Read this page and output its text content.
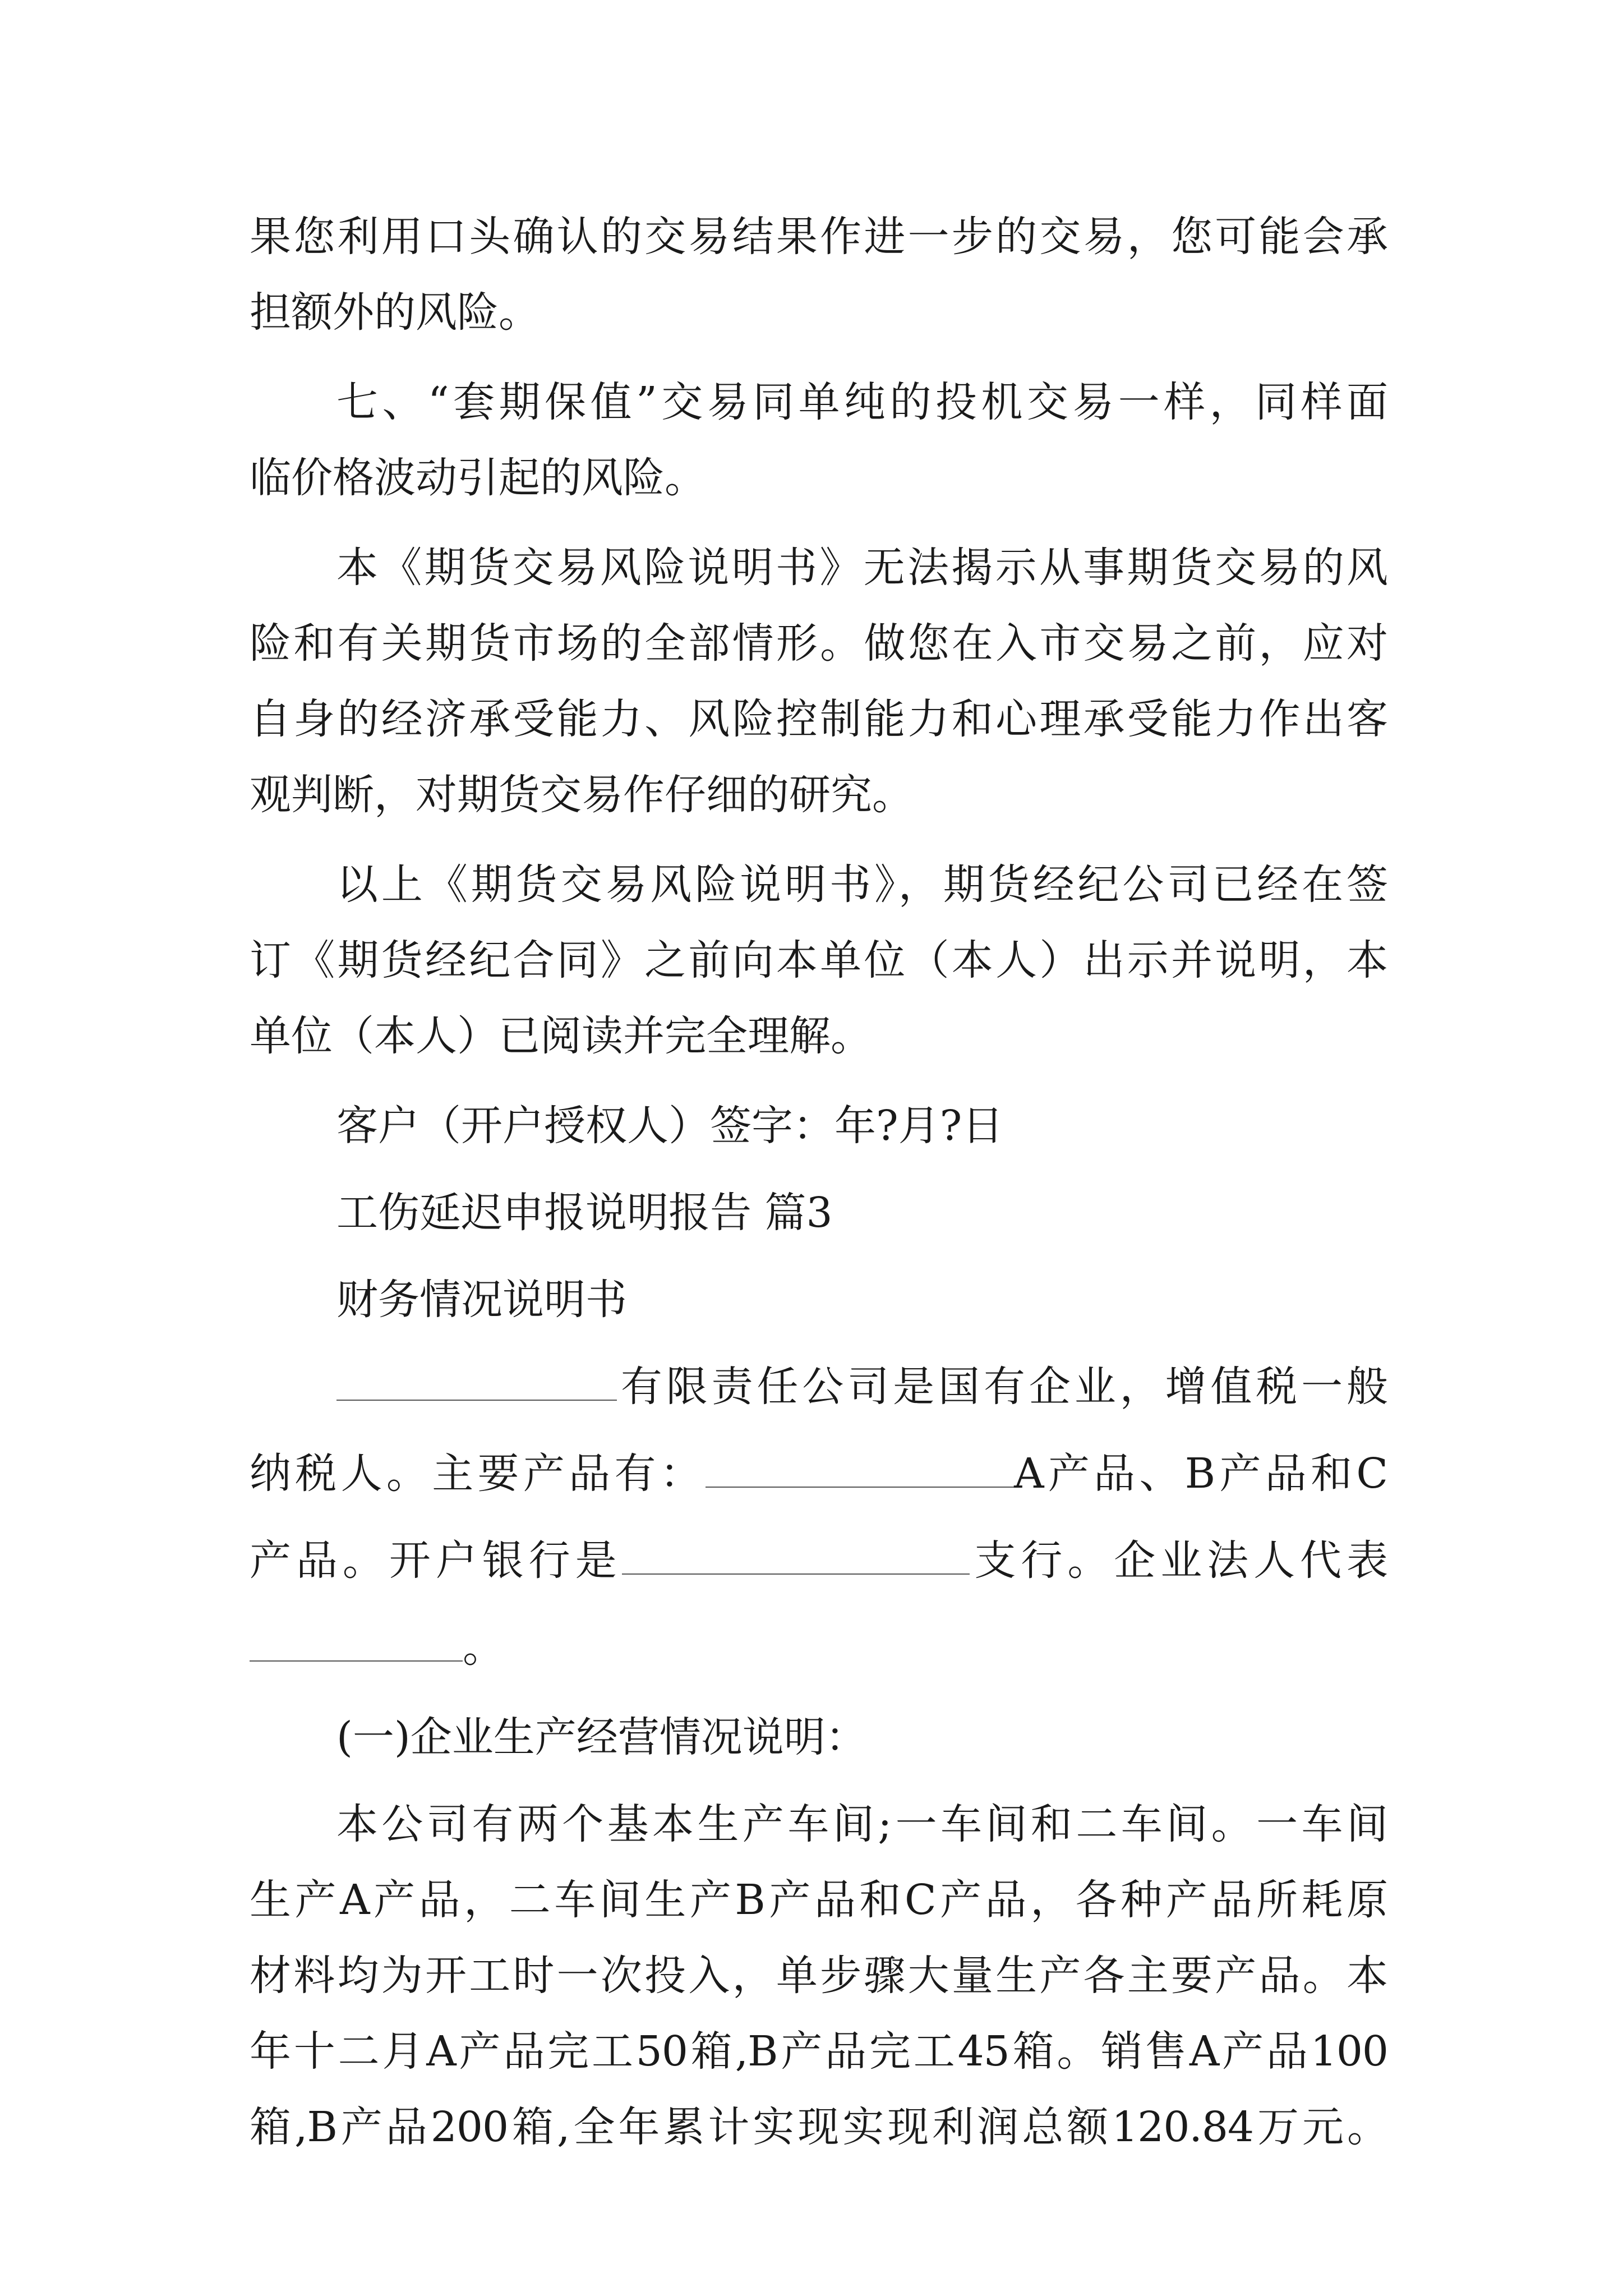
果您利用口头确认的交易结果作进一步的交易，您可能会承
担额外的风险。
七、“套期保值”交易同单纯的投机交易一样，同样面
临价格波动引起的风险。
本《期货交易风险说明书》无法揭示从事期货交易的风
险和有关期货市场的全部情形。做您在入市交易之前，应对
自身的经济承受能力、风险控制能力和心理承受能力作出客
观判断，对期货交易作仔细的研究。
以上《期货交易风险说明书》，期货经纪公司已经在签
订《期货经纪合同》之前向本单位（本人）出示并说明，本
单位（本人）已阅读并完全理解。
客户（开户授权人）签字：年?月?日
工伤延迟申报说明报告 篇3
财务情况说明书
有限责任公司是国有企业，增值税一般
纳税人。主要产品有：	A产品、B产品和C
产品。开户银行是	支行。企业法人代表
。
(一)企业生产经营情况说明：
本公司有两个基本生产车间;一车间和二车间。一车间
生产A产品，二车间生产B产品和C产品，各种产品所耗原
材料均为开工时一次投入，单步骤大量生产各主要产品。本
年十二月A产品完工50箱,B产品完工45箱。销售A产品100
箱,B产品200箱,全年累计实现实现利润总额120.84万元。
